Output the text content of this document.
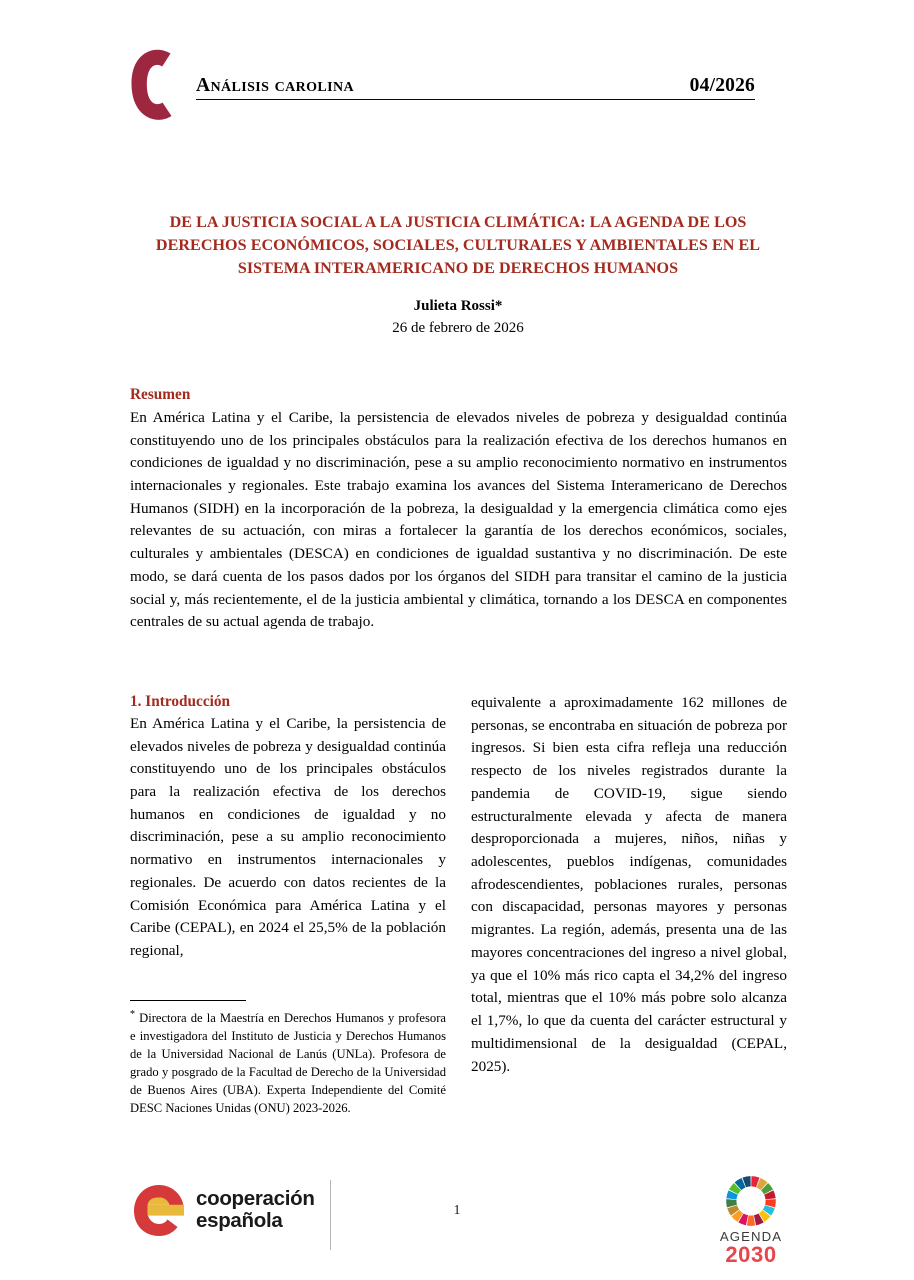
Análisis carolina	04/2026
DE LA JUSTICIA SOCIAL A LA JUSTICIA CLIMÁTICA: LA AGENDA DE LOS DERECHOS ECONÓMICOS, SOCIALES, CULTURALES Y AMBIENTALES EN EL SISTEMA INTERAMERICANO DE DERECHOS HUMANOS
Julieta Rossi*
26 de febrero de 2026

Resumen

En América Latina y el Caribe, la persistencia de elevados niveles de pobreza y desigualdad continúa constituyendo uno de los principales obstáculos para la realización efectiva de los derechos humanos en condiciones de igualdad y no discriminación, pese a su amplio reconocimiento normativo en instrumentos internacionales y regionales. Este trabajo examina los avances del Sistema Interamericano de Derechos Humanos (SIDH) en la incorporación de la pobreza, la desigualdad y la emergencia climática como ejes relevantes de su actuación, con miras a fortalecer la garantía de los derechos económicos, sociales, culturales y ambientales (DESCA) en condiciones de igualdad sustantiva y no discriminación. De este modo, se dará cuenta de los pasos dados por los órganos del SIDH para transitar el camino de la justicia social y, más recientemente, el de la justicia ambiental y climática, tornando a los DESCA en componentes centrales de su actual agenda de trabajo.

1. Introducción

En América Latina y el Caribe, la persistencia de elevados niveles de pobreza y desigualdad continúa constituyendo uno de los principales obstáculos para la realización efectiva de los derechos humanos en condiciones de igualdad y no discriminación, pese a su amplio reconocimiento normativo en instrumentos internacionales y regionales. De acuerdo con datos recientes de la Comisión Económica para América Latina y el Caribe (CEPAL), en 2024 el 25,5% de la población regional,

equivalente a aproximadamente 162 millones de personas, se encontraba en situación de pobreza por ingresos. Si bien esta cifra refleja una reducción respecto de los niveles registrados durante la pandemia de COVID-19, sigue siendo estructuralmente elevada y afecta de manera desproporcionada a mujeres, niños, niñas y adolescentes, pueblos indígenas, comunidades afrodescendientes, poblaciones rurales, personas con discapacidad, personas mayores y personas migrantes. La región, además, presenta una de las mayores concentraciones del ingreso a nivel global, ya que el 10% más rico capta el 34,2% del ingreso total, mientras que el 10% más pobre solo alcanza el 1,7%, lo que da cuenta del carácter estructural y multidimensional de la desigualdad (CEPAL, 2025).

* Directora de la Maestría en Derechos Humanos y profesora e investigadora del Instituto de Justicia y Derechos Humanos de la Universidad Nacional de Lanús (UNLa). Profesora de grado y posgrado de la Facultad de Derecho de la Universidad de Buenos Aires (UBA). Experta Independiente del Comité DESC Naciones Unidas (ONU) 2023-2026.

cooperación
española	1
AGENDA
2030
